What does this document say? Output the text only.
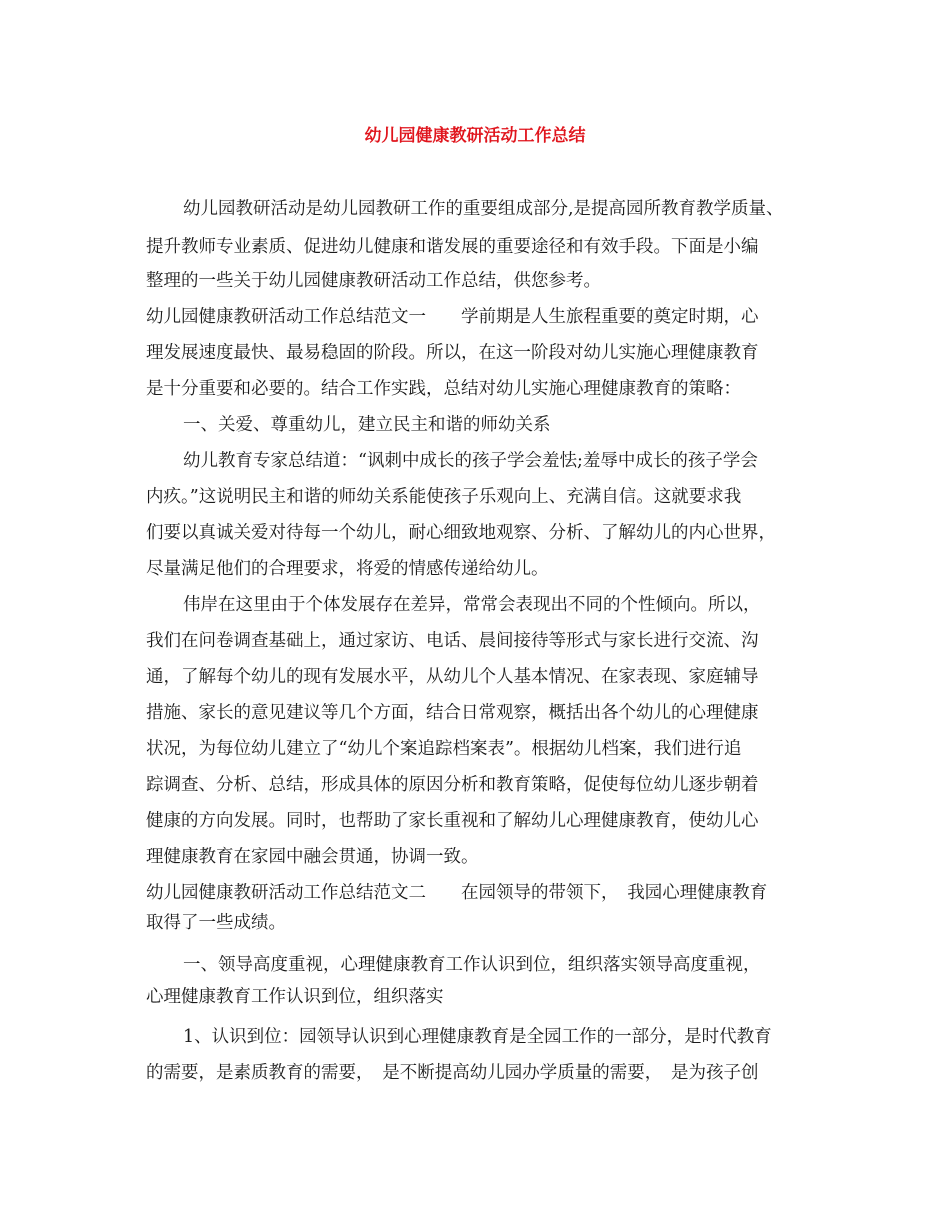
幼儿园健康教研活动工作总结

幼儿园教研活动是幼儿园教研工作的重要组成部分,是提高园所教育教学质量、

提升教师专业素质、促进幼儿健康和谐发展的重要途径和有效手段。下面是小编

整理的一些关于幼儿园健康教研活动工作总结，供您参考。

幼儿园健康教研活动工作总结范文一　　学前期是人生旅程重要的奠定时期，心

理发展速度最快、最易稳固的阶段。所以，在这一阶段对幼儿实施心理健康教育

是十分重要和必要的。结合工作实践，总结对幼儿实施心理健康教育的策略：

一、关爱、尊重幼儿，建立民主和谐的师幼关系

幼儿教育专家总结道：“讽刺中成长的孩子学会羞怯;羞辱中成长的孩子学会

内疚。”这说明民主和谐的师幼关系能使孩子乐观向上、充满自信。这就要求我

们要以真诚关爱对待每一个幼儿，耐心细致地观察、分析、了解幼儿的内心世界，

尽量满足他们的合理要求，将爱的情感传递给幼儿。

伟岸在这里由于个体发展存在差异，常常会表现出不同的个性倾向。所以，

我们在问卷调查基础上，通过家访、电话、晨间接待等形式与家长进行交流、沟

通，了解每个幼儿的现有发展水平，从幼儿个人基本情况、在家表现、家庭辅导

措施、家长的意见建议等几个方面，结合日常观察，概括出各个幼儿的心理健康

状况，为每位幼儿建立了“幼儿个案追踪档案表”。根据幼儿档案，我们进行追

踪调查、分析、总结，形成具体的原因分析和教育策略，促使每位幼儿逐步朝着

健康的方向发展。同时，也帮助了家长重视和了解幼儿心理健康教育，使幼儿心

理健康教育在家园中融会贯通，协调一致。

幼儿园健康教研活动工作总结范文二　　在园领导的带领下，　我园心理健康教育

取得了一些成绩。

一、领导高度重视，心理健康教育工作认识到位，组织落实领导高度重视，

心理健康教育工作认识到位，组织落实

1、认识到位：园领导认识到心理健康教育是全园工作的一部分，是时代教育

的需要，是素质教育的需要，　是不断提高幼儿园办学质量的需要，　是为孩子创
